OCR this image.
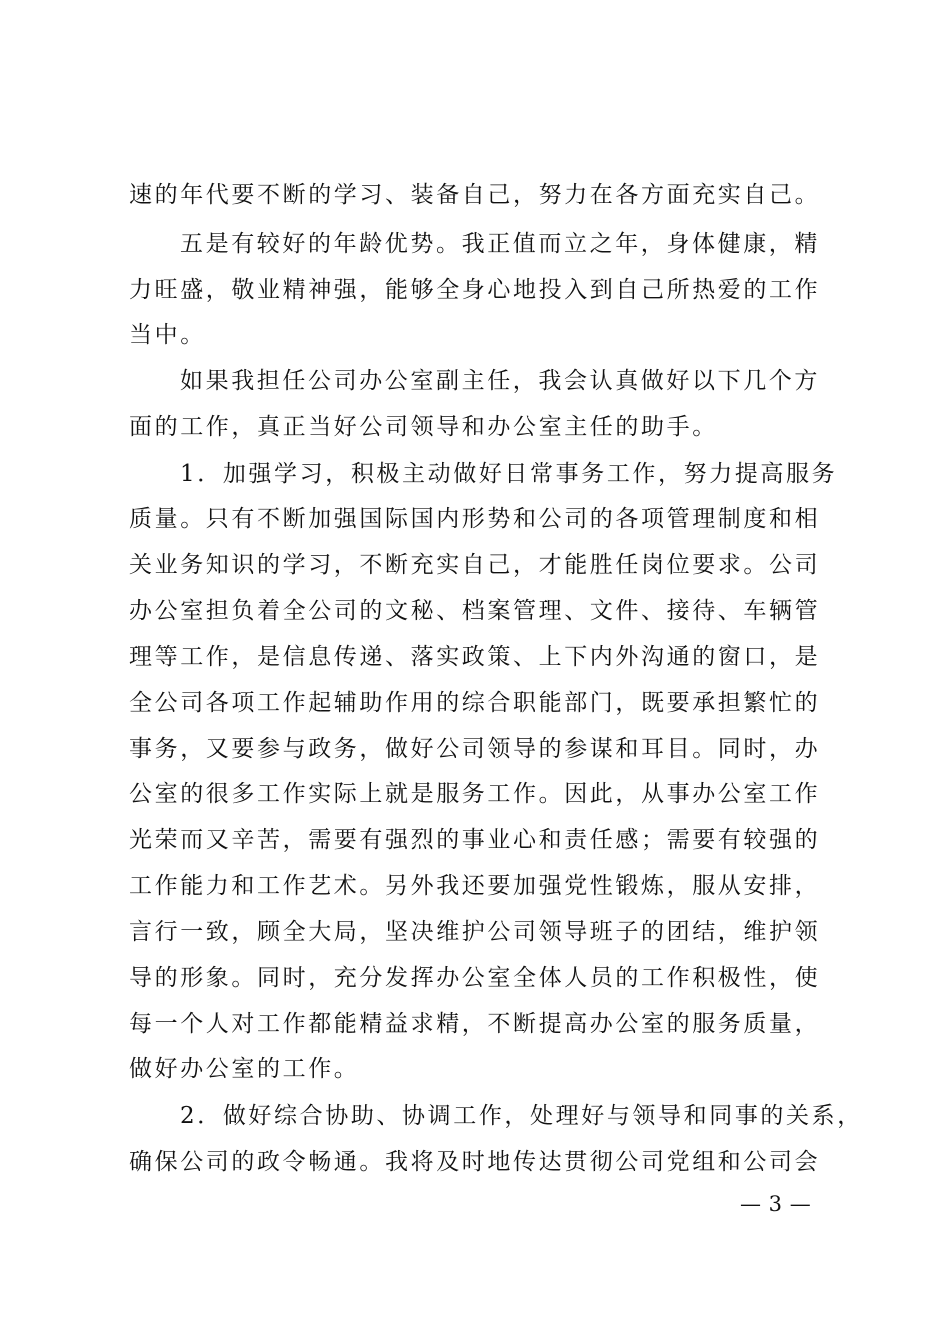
速的年代要不断的学习、装备自己，努力在各方面充实自己。
五是有较好的年龄优势。我正值而立之年，身体健康，精
力旺盛，敬业精神强，能够全身心地投入到自己所热爱的工作
当中。
如果我担任公司办公室副主任，我会认真做好以下几个方
面的工作，真正当好公司领导和办公室主任的助手。
1．加强学习，积极主动做好日常事务工作，努力提高服务
质量。只有不断加强国际国内形势和公司的各项管理制度和相
关业务知识的学习，不断充实自己，才能胜任岗位要求。公司
办公室担负着全公司的文秘、档案管理、文件、接待、车辆管
理等工作，是信息传递、落实政策、上下内外沟通的窗口，是
全公司各项工作起辅助作用的综合职能部门，既要承担繁忙的
事务，又要参与政务，做好公司领导的参谋和耳目。同时，办
公室的很多工作实际上就是服务工作。因此，从事办公室工作
光荣而又辛苦，需要有强烈的事业心和责任感；需要有较强的
工作能力和工作艺术。另外我还要加强党性锻炼，服从安排，
言行一致，顾全大局，坚决维护公司领导班子的团结，维护领
导的形象。同时，充分发挥办公室全体人员的工作积极性，使
每一个人对工作都能精益求精，不断提高办公室的服务质量，
做好办公室的工作。
2．做好综合协助、协调工作，处理好与领导和同事的关系，
确保公司的政令畅通。我将及时地传达贯彻公司党组和公司会
— 3 —
